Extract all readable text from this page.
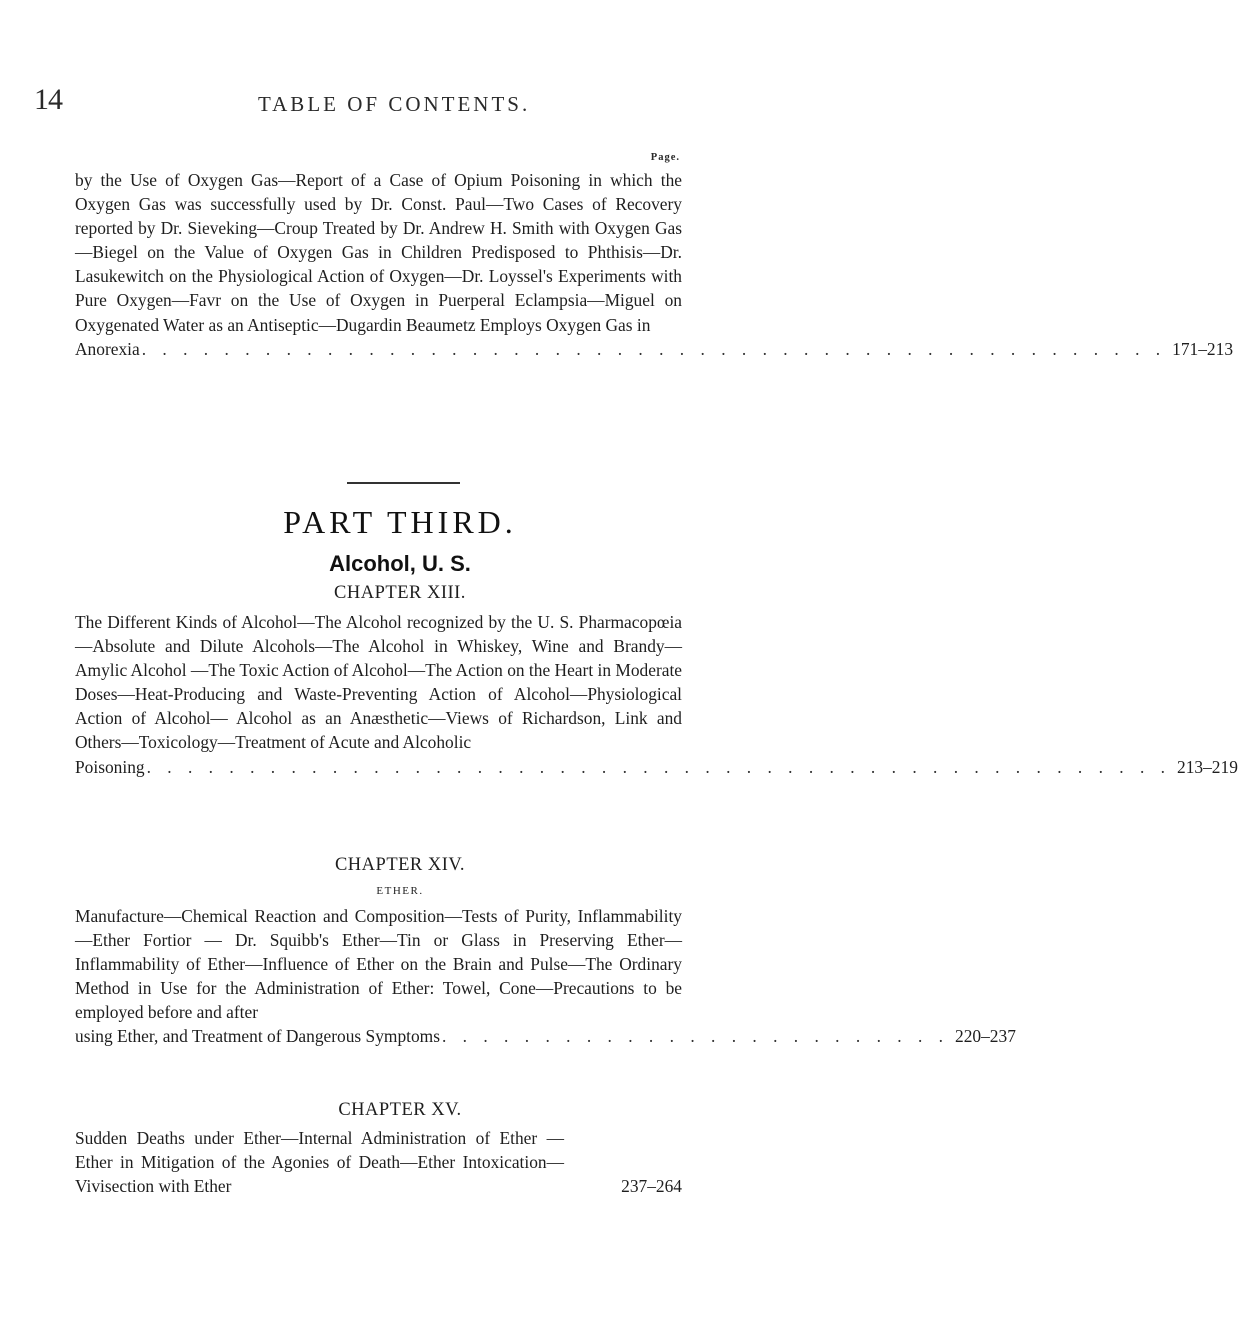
14	TABLE OF CONTENTS.
Page.

by the Use of Oxygen Gas—Report of a Case of Opium Poisoning in which the Oxygen Gas was successfully used by Dr. Const. Paul—Two Cases of Recovery reported by Dr. Sieveking—Croup Treated by Dr. Andrew H. Smith with Oxygen Gas—Biegel on the Value of Oxygen Gas in Children Predisposed to Phthisis—Dr. Lasukewitch on the Physiological Action of Oxygen—Dr. Loyssel's Experiments with Pure Oxygen—Favr on the Use of Oxygen in Puerperal Eclampsia—Miguel on Oxygenated Water as an Antiseptic—Dugardin Beaumetz Employs Oxygen Gas in

Anorexia . . . . . . . . . . . . . . . . . . . . . . . . . . . . . . . . . . . . . . . . . . . . . . . . . . 171–213
PART THIRD.
Alcohol, U. S.
CHAPTER XIII.

The Different Kinds of Alcohol—The Alcohol recognized by the U. S. Pharmacopœia—Absolute and Dilute Alcohols—The Alcohol in Whiskey, Wine and Brandy—Amylic Alcohol —The Toxic Action of Alcohol—The Action on the Heart in Moderate Doses—Heat-Producing and Waste-Preventing Action of Alcohol—Physiological Action of Alcohol— Alcohol as an Anæsthetic—Views of Richardson, Link and Others—Toxicology—Treatment of Acute and Alcoholic

Poisoning . . . . . . . . . . . . . . . . . . . . . . . . . . . . . . . . . . . . . . . . . . . . . . . . . . 213–219
CHAPTER XIV.
ETHER.

Manufacture—Chemical Reaction and Composition—Tests of Purity, Inflammability—Ether Fortior — Dr. Squibb's Ether—Tin or Glass in Preserving Ether—Inflammability of Ether—Influence of Ether on the Brain and Pulse—The Ordinary Method in Use for the Administration of Ether: Towel, Cone—Precautions to be employed before and after

using Ether, and Treatment of Dangerous Symptoms . . . . . . . . . . . . . . . . . . . . . . . . . 220–237
CHAPTER XV.

Sudden Deaths under Ether—Internal Administration of Ether —Ether in Mitigation of the Agonies of Death—Ether Intoxication—Vivisection with Ether	237–264
